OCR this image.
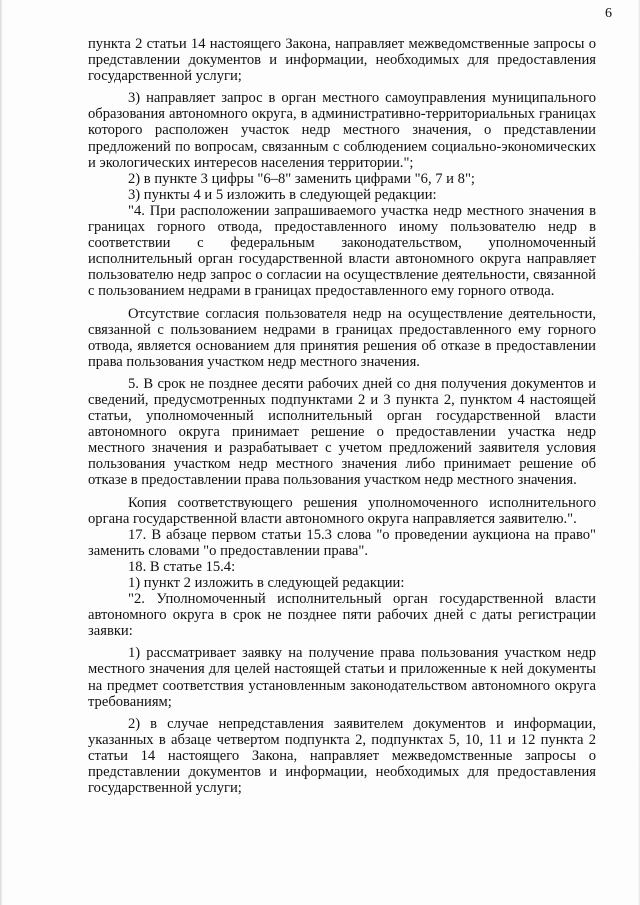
6

пункта 2 статьи 14 настоящего Закона, направляет межведомственные запросы о представлении документов и информации, необходимых для предоставления государственной услуги;

3) направляет запрос в орган местного самоуправления муниципального образования автономного округа, в административно-территориальных границах которого расположен участок недр местного значения, о представлении предложений по вопросам, связанным с соблюдением социально-экономических и экологических интересов населения территории.";

2) в пункте 3 цифры "6–8" заменить цифрами "6, 7 и 8";

3) пункты 4 и 5 изложить в следующей редакции:

"4. При расположении запрашиваемого участка недр местного значения в границах горного отвода, предоставленного иному пользователю недр в соответствии с федеральным законодательством, уполномоченный исполнительный орган государственной власти автономного округа направляет пользователю недр запрос о согласии на осуществление деятельности, связанной с пользованием недрами в границах предоставленного ему горного отвода.

Отсутствие согласия пользователя недр на осуществление деятельности, связанной с пользованием недрами в границах предоставленного ему горного отвода, является основанием для принятия решения об отказе в предоставлении права пользования участком недр местного значения.

5. В срок не позднее десяти рабочих дней со дня получения документов и сведений, предусмотренных подпунктами 2 и 3 пункта 2, пунктом 4 настоящей статьи, уполномоченный исполнительный орган государственной власти автономного округа принимает решение о предоставлении участка недр местного значения и разрабатывает с учетом предложений заявителя условия пользования участком недр местного значения либо принимает решение об отказе в предоставлении права пользования участком недр местного значения.

Копия соответствующего решения уполномоченного исполнительного органа государственной власти автономного округа направляется заявителю.".

17. В абзаце первом статьи 15.3 слова "о проведении аукциона на право" заменить словами "о предоставлении права".

18. В статье 15.4:

1) пункт 2 изложить в следующей редакции:

"2. Уполномоченный исполнительный орган государственной власти автономного округа в срок не позднее пяти рабочих дней с даты регистрации заявки:

1) рассматривает заявку на получение права пользования участком недр местного значения для целей настоящей статьи и приложенные к ней документы на предмет соответствия установленным законодательством автономного округа требованиям;

2) в случае непредставления заявителем документов и информации, указанных в абзаце четвертом подпункта 2, подпунктах 5, 10, 11 и 12 пункта 2 статьи 14 настоящего Закона, направляет межведомственные запросы о представлении документов и информации, необходимых для предоставления государственной услуги;
